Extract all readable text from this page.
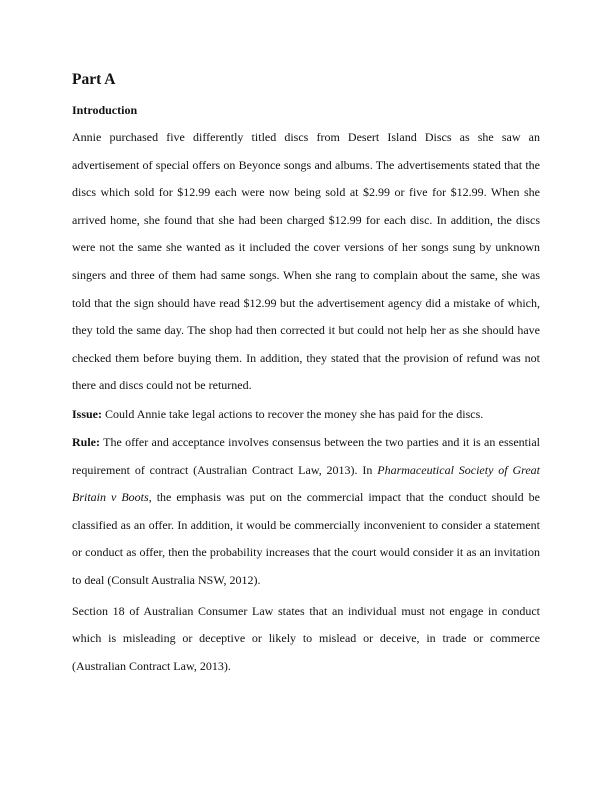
Part A
Introduction

Annie purchased five differently titled discs from Desert Island Discs as she saw an advertisement of special offers on Beyonce songs and albums. The advertisements stated that the discs which sold for $12.99 each were now being sold at $2.99 or five for $12.99. When she arrived home, she found that she had been charged $12.99 for each disc. In addition, the discs were not the same she wanted as it included the cover versions of her songs sung by unknown singers and three of them had same songs. When she rang to complain about the same, she was told that the sign should have read $12.99 but the advertisement agency did a mistake of which, they told the same day. The shop had then corrected it but could not help her as she should have checked them before buying them. In addition, they stated that the provision of refund was not there and discs could not be returned.

Issue: Could Annie take legal actions to recover the money she has paid for the discs.

Rule: The offer and acceptance involves consensus between the two parties and it is an essential requirement of contract (Australian Contract Law, 2013). In Pharmaceutical Society of Great Britain v Boots, the emphasis was put on the commercial impact that the conduct should be classified as an offer. In addition, it would be commercially inconvenient to consider a statement or conduct as offer, then the probability increases that the court would consider it as an invitation to deal (Consult Australia NSW, 2012).

Section 18 of Australian Consumer Law states that an individual must not engage in conduct which is misleading or deceptive or likely to mislead or deceive, in trade or commerce (Australian Contract Law, 2013).
